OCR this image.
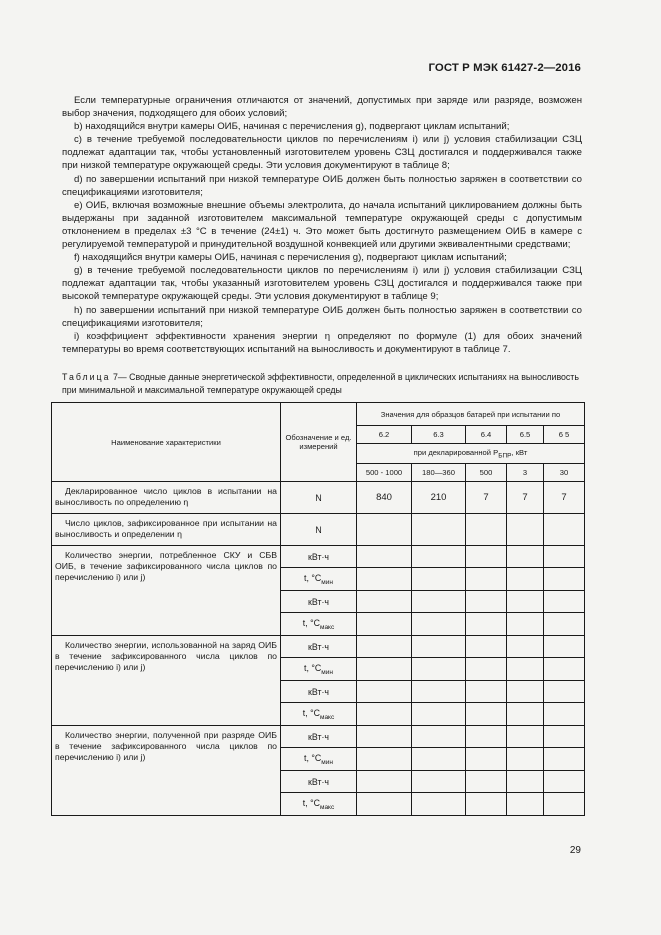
ГОСТ Р МЭК 61427-2—2016

Если температурные ограничения отличаются от значений, допустимых при заряде или разряде, возможен выбор значения, подходящего для обоих условий;

b) находящийся внутри камеры ОИБ, начиная с перечисления g), подвергают циклам испытаний;

c) в течение требуемой последовательности циклов по перечислениям i) или j) условия стабилизации СЗЦ подлежат адаптации так, чтобы установленный изготовителем уровень СЗЦ достигался и поддерживался также при низкой температуре окружающей среды. Эти условия документируют в таблице 8;

d) по завершении испытаний при низкой температуре ОИБ должен быть полностью заряжен в соответствии со спецификациями изготовителя;

e) ОИБ, включая возможные внешние объемы электролита, до начала испытаний циклированием должны быть выдержаны при заданной изготовителем максимальной температуре окружающей среды с допустимым отклонением в пределах ±3 °С в течение (24±1) ч. Это может быть достигнуто размещением ОИБ в камере с регулируемой температурой и принудительной воздушной конвекцией или другими эквивалентными средствами;

f) находящийся внутри камеры ОИБ, начиная с перечисления g), подвергают циклам испытаний;

g) в течение требуемой последовательности циклов по перечислениям i) или j) условия стабилизации СЗЦ подлежат адаптации так, чтобы указанный изготовителем уровень СЗЦ достигался и поддерживался также при высокой температуре окружающей среды. Эти условия документируют в таблице 9;

h) по завершении испытаний при низкой температуре ОИБ должен быть полностью заряжен в соответствии со спецификациями изготовителя;

i) коэффициент эффективности хранения энергии η определяют по формуле (1) для обоих значений температуры во время соответствующих испытаний на выносливость и документируют в таблице 7.

Таблица 7— Сводные данные энергетической эффективности, определенной в циклических испытаниях на выносливость при минимальной и максимальной температуре окружающей среды
Наименование характеристики	Обозначение и ед. измерений	Значения для образцов батарей при испытании по				
		6.2	6.3	6.4	6.5	6 5
		при декларированной $P_{БПР}$, кВт				
		500 - 1000	180—360	500	3	30
Декларированное число циклов в испытании на выносливость по определению η	N	840	210	7	7	7
Число циклов, зафиксированное при испытании на выносливость и определении η	N					
Количество энергии, потребленное СКУ и СБВ ОИБ, в течение зафиксированного числа циклов по перечислению i) или j)	кВт·ч					
	t, $^\circ С_{мин}$					
	кВт·ч					
	t, $^\circ С_{макс}$					
Количество энергии, использованной на заряд ОИБ в течение зафиксированного числа циклов по перечислению i) или j)	кВт·ч					
	t, $^\circ С_{мин}$					
	кВт·ч					
	t, $^\circ С_{макс}$					
Количество энергии, полученной при разряде ОИБ в течение зафиксированного числа циклов по перечислению i) или j)	кВт·ч					
	t, $^\circ С_{мин}$					
	кВт·ч					
	t, $^\circ С_{макс}$					
29
